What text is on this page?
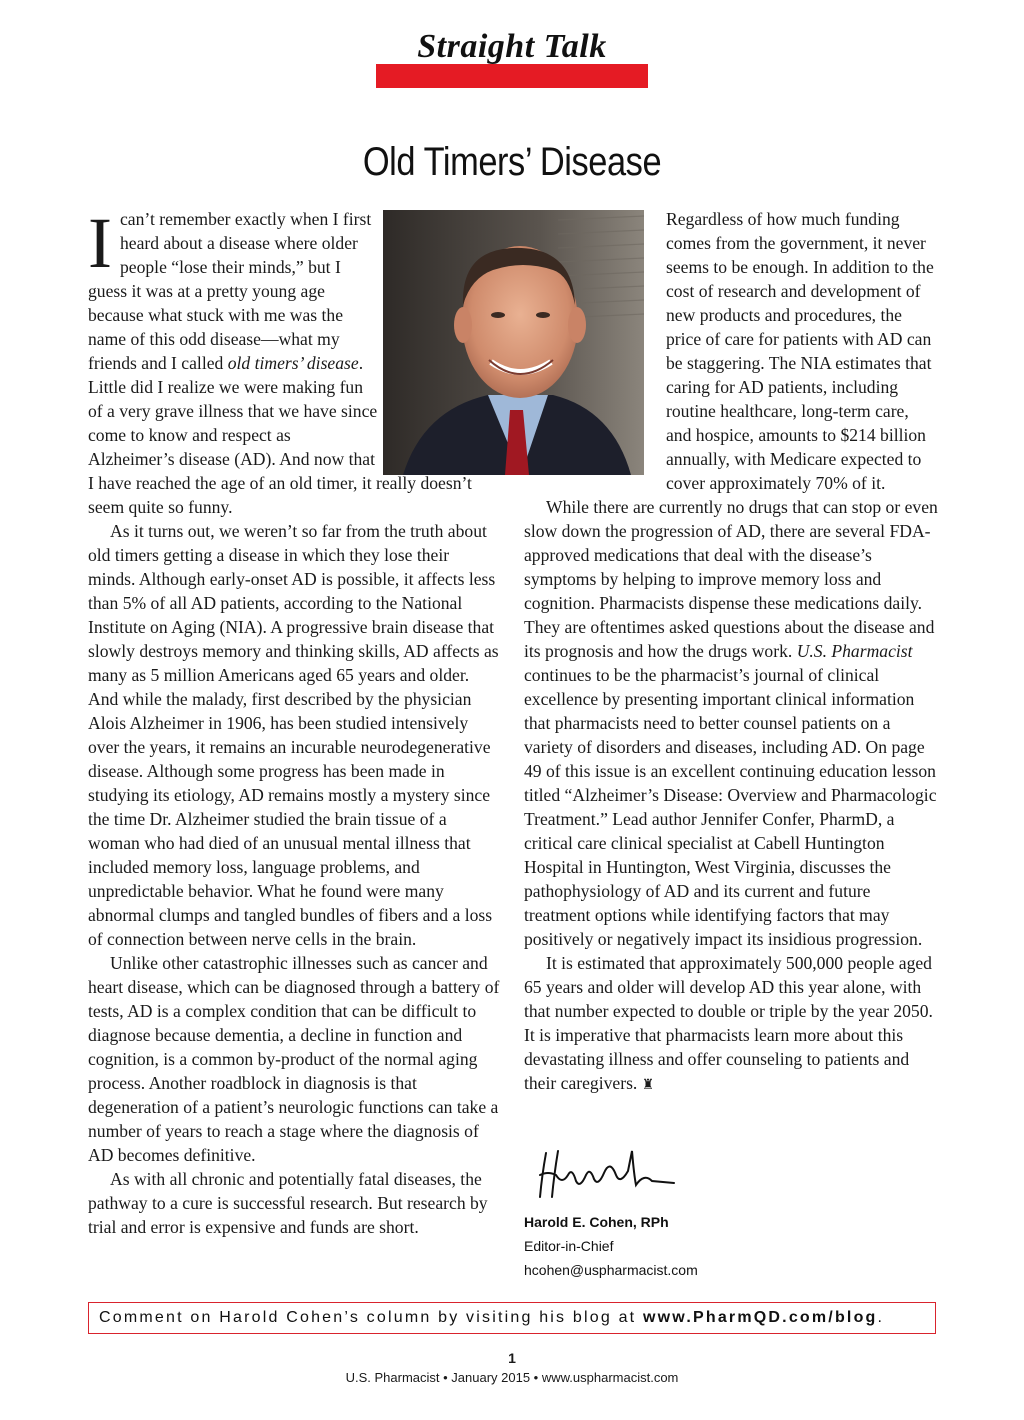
Straight Talk
Old Timers’ Disease

I can’t remember exactly when I first heard about a disease where older people “lose their minds,” but I guess it was at a pretty young age because what stuck with me was the name of this odd disease—what my friends and I called old timers’ disease. Little did I realize we were making fun of a very grave illness that we have since come to know and respect as Alzheimer’s disease (AD). And now that I have reached the age of an old timer, it really doesn’t seem quite so funny.

As it turns out, we weren’t so far from the truth about old timers getting a disease in which they lose their minds. Although early-onset AD is possible, it affects less than 5% of all AD patients, according to the National Institute on Aging (NIA). A progressive brain disease that slowly destroys memory and thinking skills, AD affects as many as 5 million Americans aged 65 years and older. And while the malady, first described by the physician Alois Alzheimer in 1906, has been studied intensively over the years, it remains an incurable neurodegenerative disease. Although some progress has been made in studying its etiology, AD remains mostly a mystery since the time Dr. Alzheimer studied the brain tissue of a woman who had died of an unusual mental illness that included memory loss, language problems, and unpredictable behavior. What he found were many abnormal clumps and tangled bundles of fibers and a loss of connection between nerve cells in the brain.

Unlike other catastrophic illnesses such as cancer and heart disease, which can be diagnosed through a battery of tests, AD is a complex condition that can be difficult to diagnose because dementia, a decline in function and cognition, is a common by-product of the normal aging process. Another roadblock in diagnosis is that degeneration of a patient’s neurologic functions can take a number of years to reach a stage where the diagnosis of AD becomes definitive.

As with all chronic and potentially fatal diseases, the pathway to a cure is successful research. But research by trial and error is expensive and funds are short.

Regardless of how much funding comes from the government, it never seems to be enough. In addition to the cost of research and development of new products and procedures, the price of care for patients with AD can be staggering. The NIA estimates that caring for AD patients, including routine healthcare, long-term care, and hospice, amounts to $214 billion annually, with Medicare expected to cover approximately 70% of it.

While there are currently no drugs that can stop or even slow down the progression of AD, there are several FDA-approved medications that deal with the disease’s symptoms by helping to improve memory loss and cognition. Pharmacists dispense these medications daily. They are oftentimes asked questions about the disease and its prognosis and how the drugs work. U.S. Pharmacist continues to be the pharmacist’s journal of clinical excellence by presenting important clinical information that pharmacists need to better counsel patients on a variety of disorders and diseases, including AD. On page 49 of this issue is an excellent continuing education lesson titled “Alzheimer’s Disease: Overview and Pharmacologic Treatment.” Lead author Jennifer Confer, PharmD, a critical care clinical specialist at Cabell Huntington Hospital in Huntington, West Virginia, discusses the pathophysiology of AD and its current and future treatment options while identifying factors that may positively or negatively impact its insidious progression.

It is estimated that approximately 500,000 people aged 65 years and older will develop AD this year alone, with that number expected to double or triple by the year 2050. It is imperative that pharmacists learn more about this devastating illness and offer counseling to patients and their caregivers. ♜

Harold E. Cohen, RPh
Editor-in-Chief
hcohen@uspharmacist.com
Comment on Harold Cohen’s column by visiting his blog at www.PharmQD.com/blog.
1
U.S. Pharmacist • January 2015 • www.uspharmacist.com
